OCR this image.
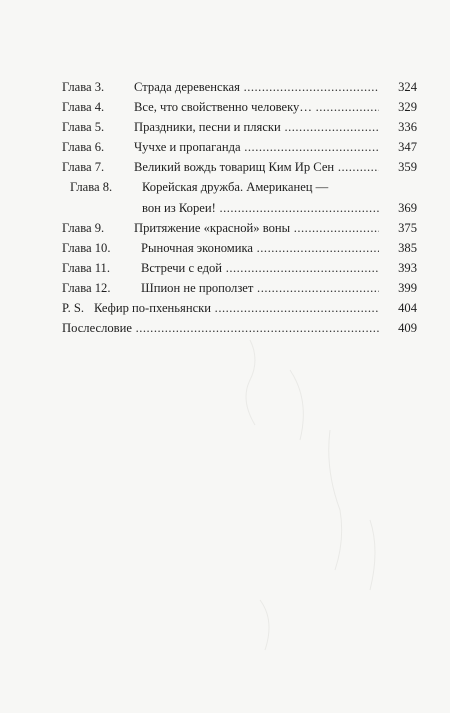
Глава 3. Страда деревенская .....	324
Глава 4. Все, что свойственно человеку… .....	329
Глава 5. Праздники, песни и пляски .....	336
Глава 6. Чучхе и пропаганда .....	347
Глава 7. Великий вождь товарищ Ким Ир Сен .....	359
Глава 8. Корейская дружба. Американец —
вон из Кореи! .....	369
Глава 9. Притяжение «красной» воны .....	375
Глава 10. Рыночная экономика .....	385
Глава 11. Встречи с едой .....	393
Глава 12. Шпион не проползет .....	399
P. S. Кефир по-пхеньянски .....	404
Послесловие .....	409
